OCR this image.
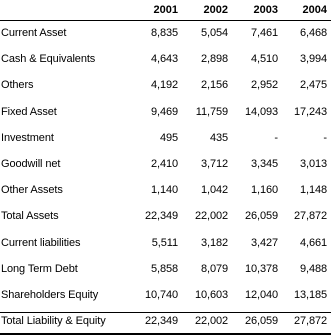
	2001	2002	2003	2004
Current Asset	8,835	5,054	7,461	6,468
Cash & Equivalents	4,643	2,898	4,510	3,994
Others	4,192	2,156	2,952	2,475
Fixed Asset	9,469	11,759	14,093	17,243
Investment	495	435	-	-
Goodwill net	2,410	3,712	3,345	3,013
Other Assets	1,140	1,042	1,160	1,148
Total Assets	22,349	22,002	26,059	27,872
Current liabilities	5,511	3,182	3,427	4,661
Long Term Debt	5,858	8,079	10,378	9,488
Shareholders Equity	10,740	10,603	12,040	13,185
Total Liability & Equity	22,349	22,002	26,059	27,872
